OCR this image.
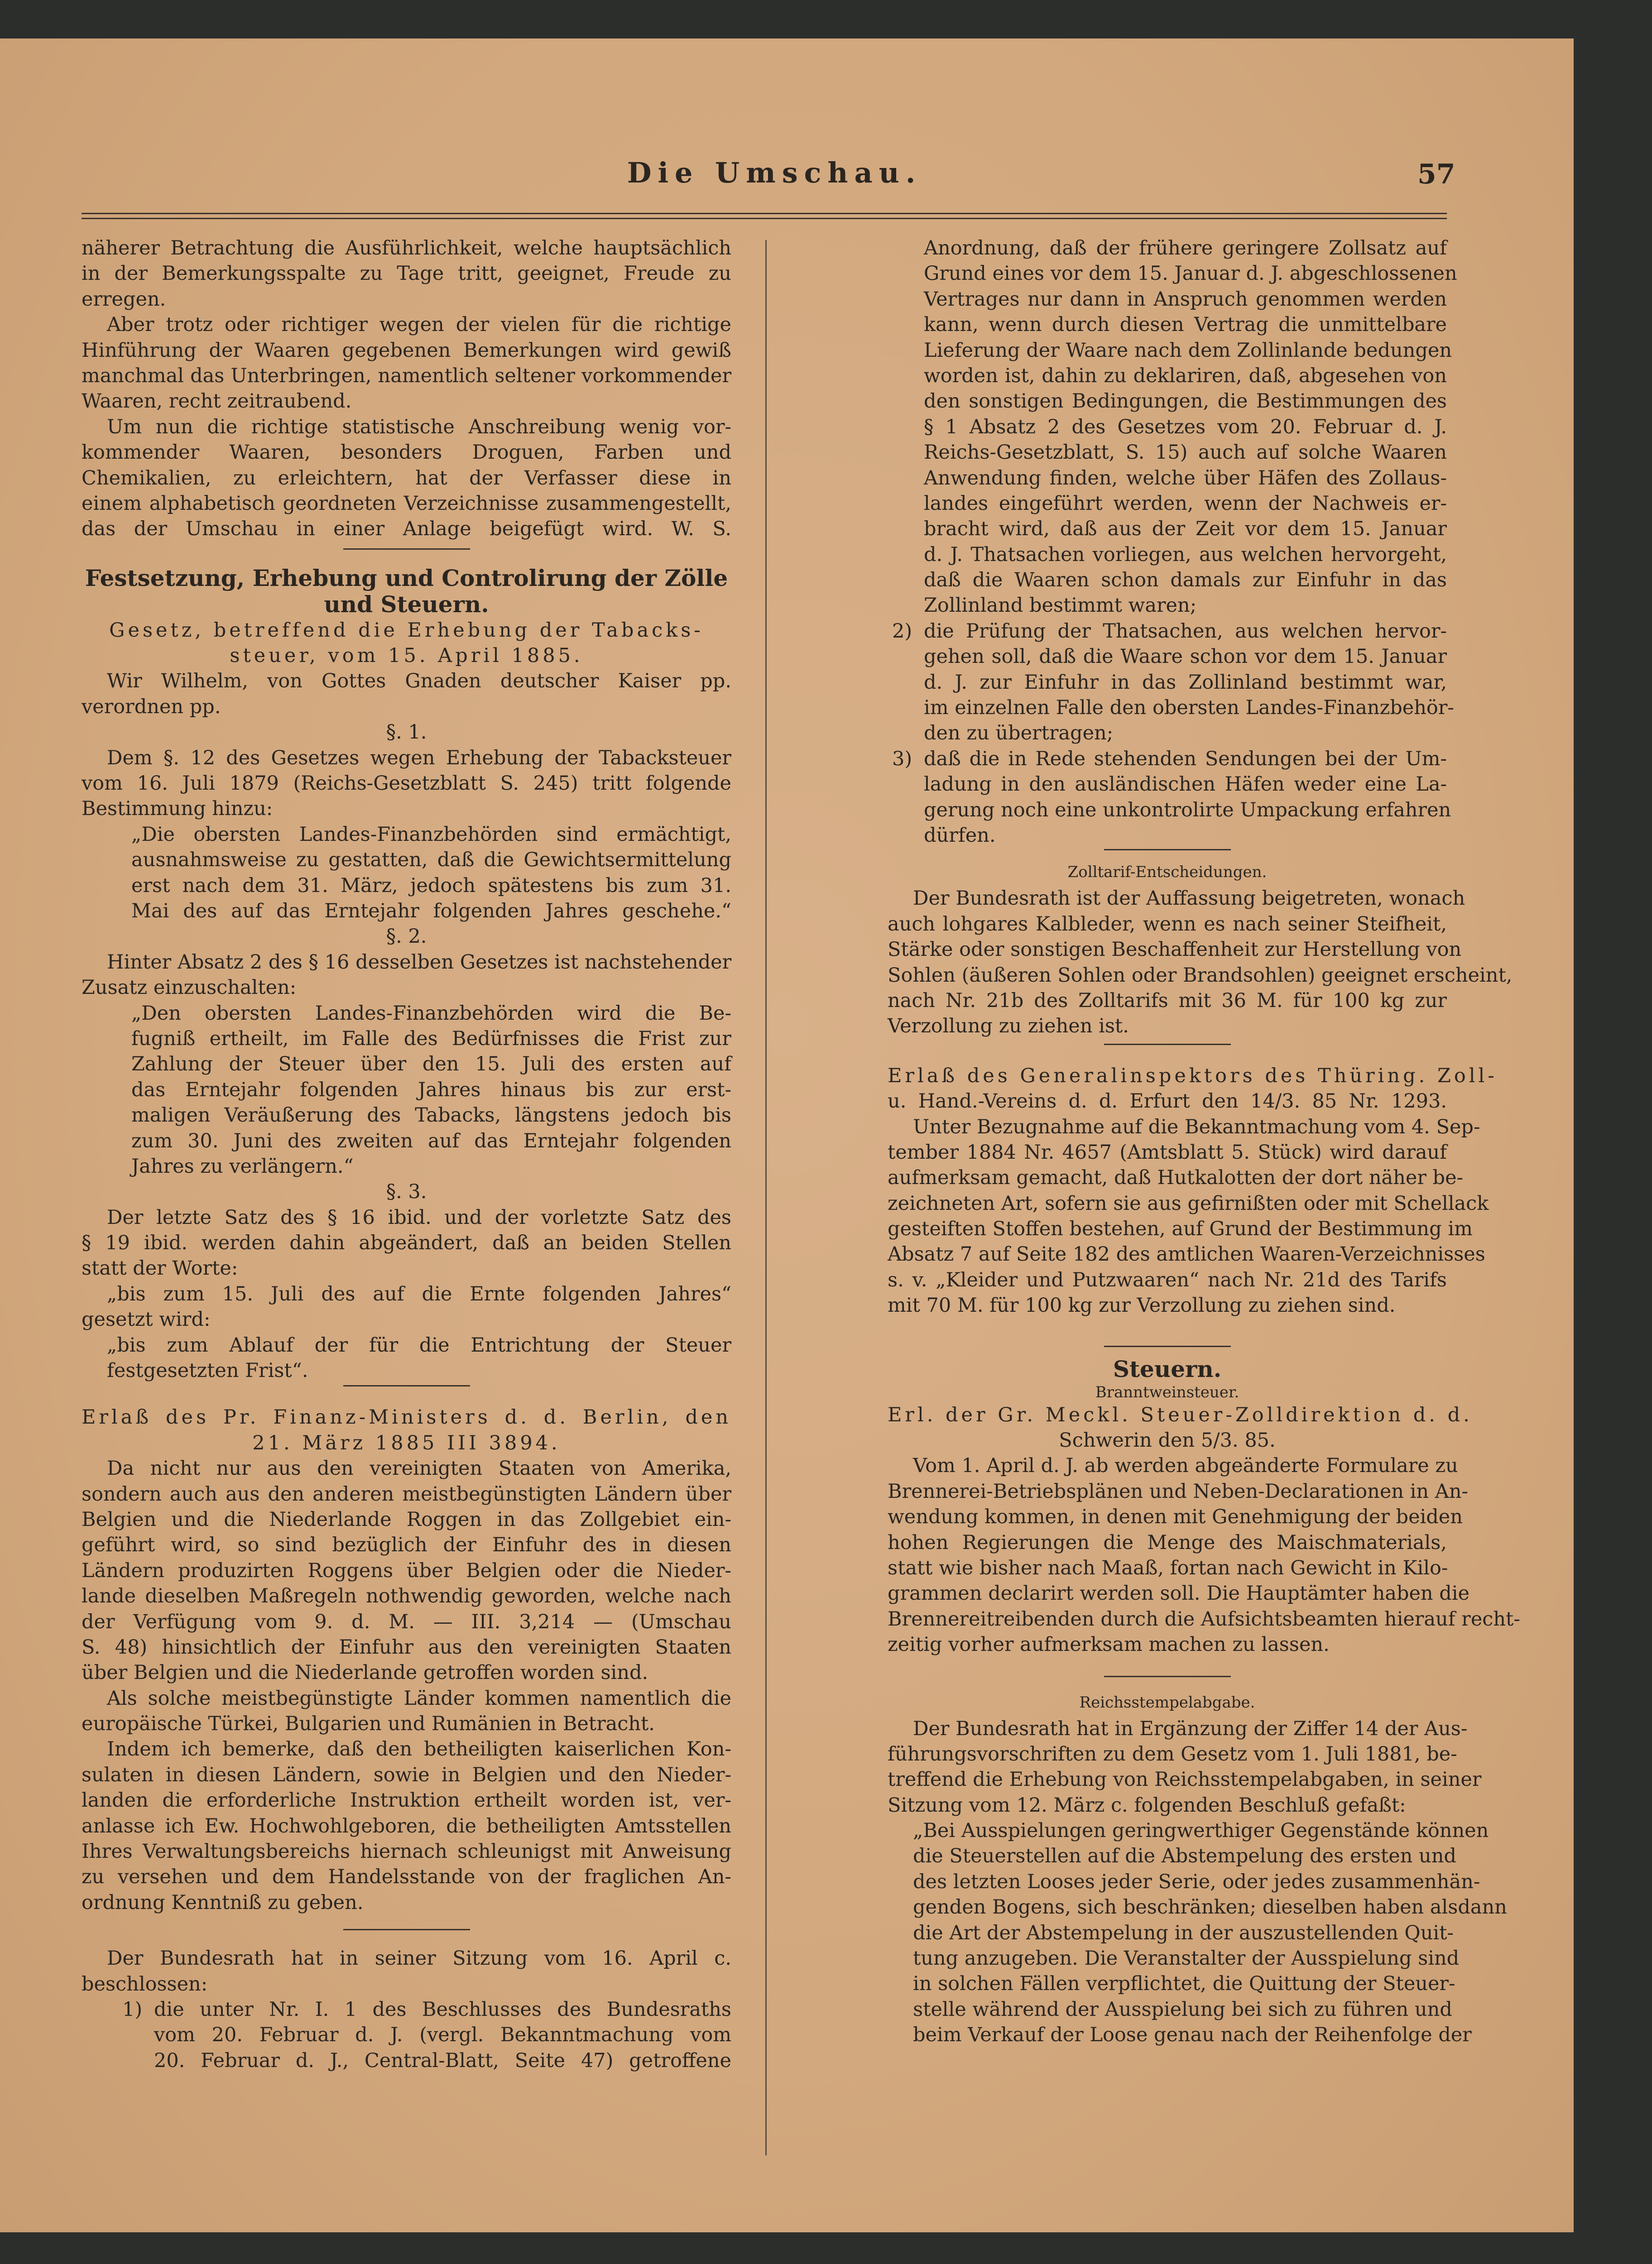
Die Umschau.	57
näherer Betrachtung die Ausführlichkeit, welche hauptsächlich
in der Bemerkungsspalte zu Tage tritt, geeignet, Freude zu
erregen.
Aber trotz oder richtiger wegen der vielen für die richtige
Hinführung der Waaren gegebenen Bemerkungen wird gewiß
manchmal das Unterbringen, namentlich seltener vorkommender
Waaren, recht zeitraubend.
Um nun die richtige statistische Anschreibung wenig vor-
kommender Waaren, besonders Droguen, Farben und
Chemikalien, zu erleichtern, hat der Verfasser diese in
einem alphabetisch geordneten Verzeichnisse zusammengestellt,
das der Umschau in einer Anlage beigefügt wird. W. S.
Festsetzung, Erhebung und Controlirung der Zölle
und Steuern.
Gesetz, betreffend die Erhebung der Tabacks-
steuer, vom 15. April 1885.
Wir Wilhelm, von Gottes Gnaden deutscher Kaiser pp.
verordnen pp.
§. 1.
Dem §. 12 des Gesetzes wegen Erhebung der Tabacksteuer
vom 16. Juli 1879 (Reichs-Gesetzblatt S. 245) tritt folgende
Bestimmung hinzu:
„Die obersten Landes-Finanzbehörden sind ermächtigt,
ausnahmsweise zu gestatten, daß die Gewichtsermittelung
erst nach dem 31. März, jedoch spätestens bis zum 31.
Mai des auf das Erntejahr folgenden Jahres geschehe.“
§. 2.
Hinter Absatz 2 des § 16 desselben Gesetzes ist nachstehender
Zusatz einzuschalten:
„Den obersten Landes-Finanzbehörden wird die Be-
fugniß ertheilt, im Falle des Bedürfnisses die Frist zur
Zahlung der Steuer über den 15. Juli des ersten auf
das Erntejahr folgenden Jahres hinaus bis zur erst-
maligen Veräußerung des Tabacks, längstens jedoch bis
zum 30. Juni des zweiten auf das Erntejahr folgenden
Jahres zu verlängern.“
§. 3.
Der letzte Satz des § 16 ibid. und der vorletzte Satz des
§ 19 ibid. werden dahin abgeändert, daß an beiden Stellen
statt der Worte:
„bis zum 15. Juli des auf die Ernte folgenden Jahres“
gesetzt wird:
„bis zum Ablauf der für die Entrichtung der Steuer
festgesetzten Frist“.
Erlaß des Pr. Finanz-Ministers d. d. Berlin, den
21. März 1885 III 3894.
Da nicht nur aus den vereinigten Staaten von Amerika,
sondern auch aus den anderen meistbegünstigten Ländern über
Belgien und die Niederlande Roggen in das Zollgebiet ein-
geführt wird, so sind bezüglich der Einfuhr des in diesen
Ländern produzirten Roggens über Belgien oder die Nieder-
lande dieselben Maßregeln nothwendig geworden, welche nach
der Verfügung vom 9. d. M. — III. 3,214 — (Umschau
S. 48) hinsichtlich der Einfuhr aus den vereinigten Staaten
über Belgien und die Niederlande getroffen worden sind.
Als solche meistbegünstigte Länder kommen namentlich die
europäische Türkei, Bulgarien und Rumänien in Betracht.
Indem ich bemerke, daß den betheiligten kaiserlichen Kon-
sulaten in diesen Ländern, sowie in Belgien und den Nieder-
landen die erforderliche Instruktion ertheilt worden ist, ver-
anlasse ich Ew. Hochwohlgeboren, die betheiligten Amtsstellen
Ihres Verwaltungsbereichs hiernach schleunigst mit Anweisung
zu versehen und dem Handelsstande von der fraglichen An-
ordnung Kenntniß zu geben.
Der Bundesrath hat in seiner Sitzung vom 16. April c.
beschlossen:
1) die unter Nr. I. 1 des Beschlusses des Bundesraths
vom 20. Februar d. J. (vergl. Bekanntmachung vom
20. Februar d. J., Central-Blatt, Seite 47) getroffene
Anordnung, daß der frühere geringere Zollsatz auf
Grund eines vor dem 15. Januar d. J. abgeschlossenen
Vertrages nur dann in Anspruch genommen werden
kann, wenn durch diesen Vertrag die unmittelbare
Lieferung der Waare nach dem Zollinlande bedungen
worden ist, dahin zu deklariren, daß, abgesehen von
den sonstigen Bedingungen, die Bestimmungen des
§ 1 Absatz 2 des Gesetzes vom 20. Februar d. J.
Reichs-Gesetzblatt, S. 15) auch auf solche Waaren
Anwendung finden, welche über Häfen des Zollaus-
landes eingeführt werden, wenn der Nachweis er-
bracht wird, daß aus der Zeit vor dem 15. Januar
d. J. Thatsachen vorliegen, aus welchen hervorgeht,
daß die Waaren schon damals zur Einfuhr in das
Zollinland bestimmt waren;
2) die Prüfung der Thatsachen, aus welchen hervor-
gehen soll, daß die Waare schon vor dem 15. Januar
d. J. zur Einfuhr in das Zollinland bestimmt war,
im einzelnen Falle den obersten Landes-Finanzbehör-
den zu übertragen;
3) daß die in Rede stehenden Sendungen bei der Um-
ladung in den ausländischen Häfen weder eine La-
gerung noch eine unkontrolirte Umpackung erfahren
dürfen.
Zolltarif-Entscheidungen.
Der Bundesrath ist der Auffassung beigetreten, wonach
auch lohgares Kalbleder, wenn es nach seiner Steifheit,
Stärke oder sonstigen Beschaffenheit zur Herstellung von
Sohlen (äußeren Sohlen oder Brandsohlen) geeignet erscheint,
nach Nr. 21b des Zolltarifs mit 36 M. für 100 kg zur
Verzollung zu ziehen ist.
Erlaß des Generalinspektors des Thüring. Zoll-
u. Hand.-Vereins d. d. Erfurt den 14/3. 85 Nr. 1293.
Unter Bezugnahme auf die Bekanntmachung vom 4. Sep-
tember 1884 Nr. 4657 (Amtsblatt 5. Stück) wird darauf
aufmerksam gemacht, daß Hutkalotten der dort näher be-
zeichneten Art, sofern sie aus gefirnißten oder mit Schellack
gesteiften Stoffen bestehen, auf Grund der Bestimmung im
Absatz 7 auf Seite 182 des amtlichen Waaren-Verzeichnisses
s. v. „Kleider und Putzwaaren“ nach Nr. 21d des Tarifs
mit 70 M. für 100 kg zur Verzollung zu ziehen sind.
Steuern.
Branntweinsteuer.
Erl. der Gr. Meckl. Steuer-Zolldirektion d. d.
Schwerin den 5/3. 85.
Vom 1. April d. J. ab werden abgeänderte Formulare zu
Brennerei-Betriebsplänen und Neben-Declarationen in An-
wendung kommen, in denen mit Genehmigung der beiden
hohen Regierungen die Menge des Maischmaterials,
statt wie bisher nach Maaß, fortan nach Gewicht in Kilo-
grammen declarirt werden soll. Die Hauptämter haben die
Brennereitreibenden durch die Aufsichtsbeamten hierauf recht-
zeitig vorher aufmerksam machen zu lassen.
Reichsstempelabgabe.
Der Bundesrath hat in Ergänzung der Ziffer 14 der Aus-
führungsvorschriften zu dem Gesetz vom 1. Juli 1881, be-
treffend die Erhebung von Reichsstempelabgaben, in seiner
Sitzung vom 12. März c. folgenden Beschluß gefaßt:
„Bei Ausspielungen geringwerthiger Gegenstände können
die Steuerstellen auf die Abstempelung des ersten und
des letzten Looses jeder Serie, oder jedes zusammenhän-
genden Bogens, sich beschränken; dieselben haben alsdann
die Art der Abstempelung in der auszustellenden Quit-
tung anzugeben. Die Veranstalter der Ausspielung sind
in solchen Fällen verpflichtet, die Quittung der Steuer-
stelle während der Ausspielung bei sich zu führen und
beim Verkauf der Loose genau nach der Reihenfolge der
